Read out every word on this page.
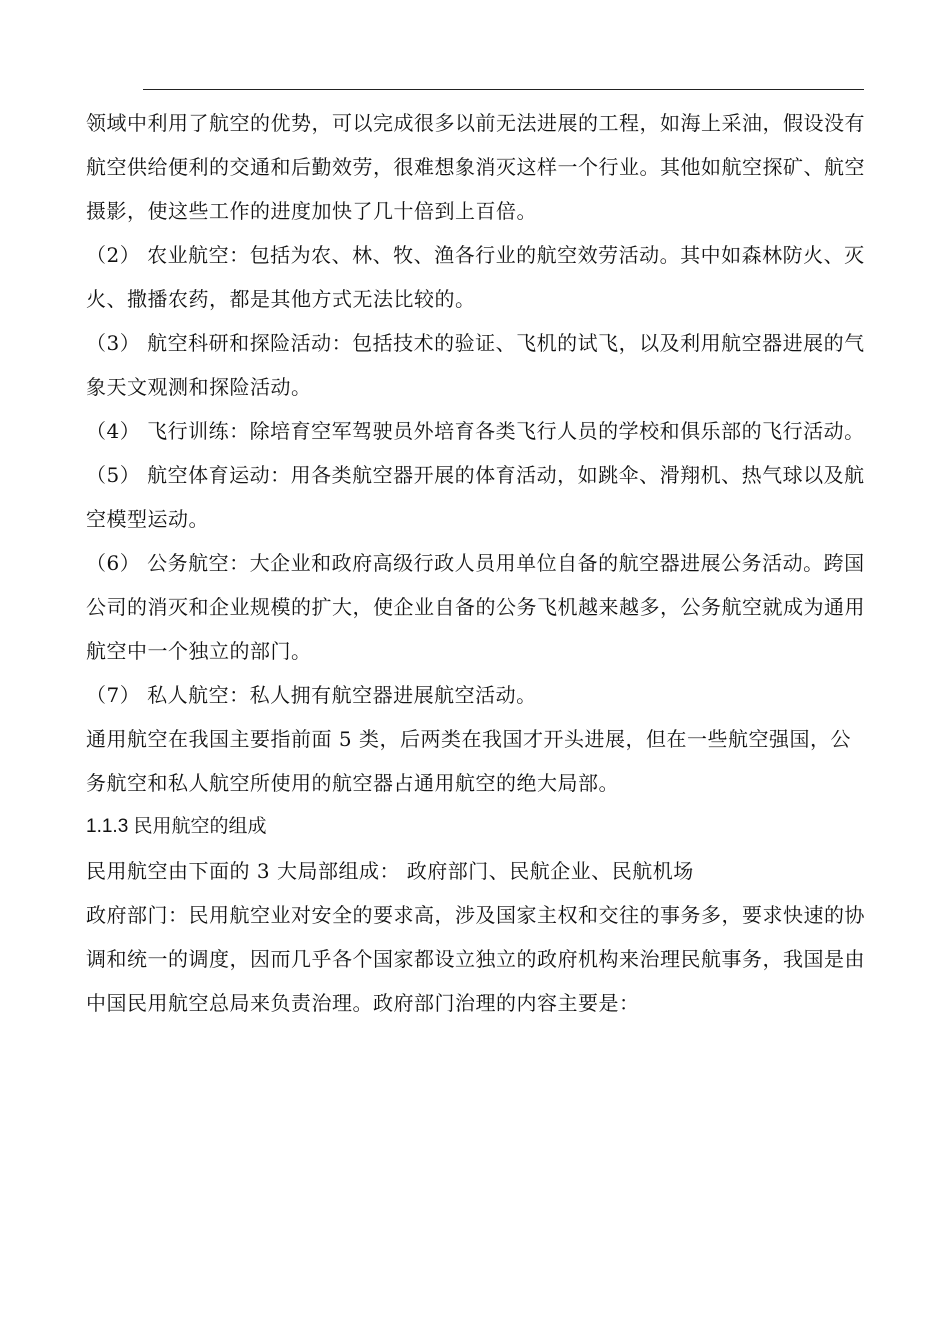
领域中利用了航空的优势，可以完成很多以前无法进展的工程，如海上采油，假设没有航空供给便利的交通和后勤效劳，很难想象消灭这样一个行业。其他如航空探矿、航空摄影，使这些工作的进度加快了几十倍到上百倍。

（2） 农业航空：包括为农、林、牧、渔各行业的航空效劳活动。其中如森林防火、灭火、撒播农药，都是其他方式无法比较的。

（3） 航空科研和探险活动：包括技术的验证、飞机的试飞，以及利用航空器进展的气象天文观测和探险活动。

（4） 飞行训练：除培育空军驾驶员外培育各类飞行人员的学校和俱乐部的飞行活动。

（5） 航空体育运动：用各类航空器开展的体育活动，如跳伞、滑翔机、热气球以及航空模型运动。

（6） 公务航空：大企业和政府高级行政人员用单位自备的航空器进展公务活动。跨国公司的消灭和企业规模的扩大，使企业自备的公务飞机越来越多，公务航空就成为通用航空中一个独立的部门。

（7） 私人航空：私人拥有航空器进展航空活动。

通用航空在我国主要指前面 5 类，后两类在我国才开头进展，但在一些航空强国，公务航空和私人航空所使用的航空器占通用航空的绝大局部。

1.1.3 民用航空的组成

民用航空由下面的 3 大局部组成： 政府部门、民航企业、民航机场

政府部门：民用航空业对安全的要求高，涉及国家主权和交往的事务多，要求快速的协调和统一的调度，因而几乎各个国家都设立独立的政府机构来治理民航事务，我国是由中国民用航空总局来负责治理。政府部门治理的内容主要是：
